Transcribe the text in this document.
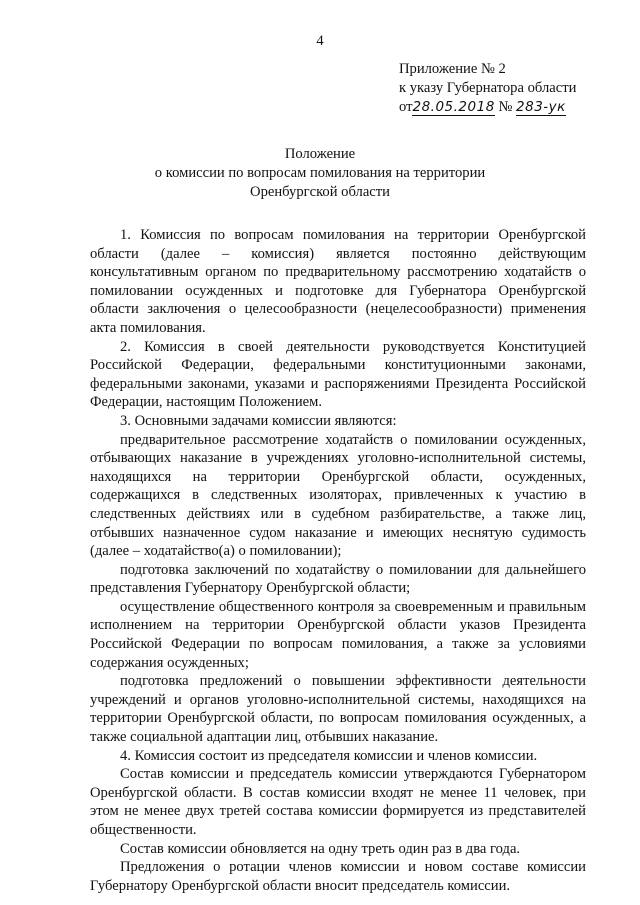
4
Приложение № 2
к указу Губернатора области
от28.05.2018 № 283-ук
Положение
о комиссии по вопросам помилования на территории
Оренбургской области

1. Комиссия по вопросам помилования на территории Оренбургской области (далее – комиссия) является постоянно действующим консультативным органом по предварительному рассмотрению ходатайств о помиловании осужденных и подготовке для Губернатора Оренбургской области заключения о целесообразности (нецелесообразности) применения акта помилования.

2. Комиссия в своей деятельности руководствуется Конституцией Российской Федерации, федеральными конституционными законами, федеральными законами, указами и распоряжениями Президента Российской Федерации, настоящим Положением.

3. Основными задачами комиссии являются:

предварительное рассмотрение ходатайств о помиловании осужденных, отбывающих наказание в учреждениях уголовно-исполнительной системы, находящихся на территории Оренбургской области, осужденных, содержащихся в следственных изоляторах, привлеченных к участию в следственных действиях или в судебном разбирательстве, а также лиц, отбывших назначенное судом наказание и имеющих неснятую судимость (далее – ходатайство(а) о помиловании);

подготовка заключений по ходатайству о помиловании для дальнейшего представления Губернатору Оренбургской области;

осуществление общественного контроля за своевременным и правильным исполнением на территории Оренбургской области указов Президента Российской Федерации по вопросам помилования, а также за условиями содержания осужденных;

подготовка предложений о повышении эффективности деятельности учреждений и органов уголовно-исполнительной системы, находящихся на территории Оренбургской области, по вопросам помилования осужденных, а также социальной адаптации лиц, отбывших наказание.

4. Комиссия состоит из председателя комиссии и членов комиссии.

Состав комиссии и председатель комиссии утверждаются Губернатором Оренбургской области. В состав комиссии входят не менее 11 человек, при этом не менее двух третей состава комиссии формируется из представителей общественности.

Состав комиссии обновляется на одну треть один раз в два года.

Предложения о ротации членов комиссии и новом составе комиссии Губернатору Оренбургской области вносит председатель комиссии.
